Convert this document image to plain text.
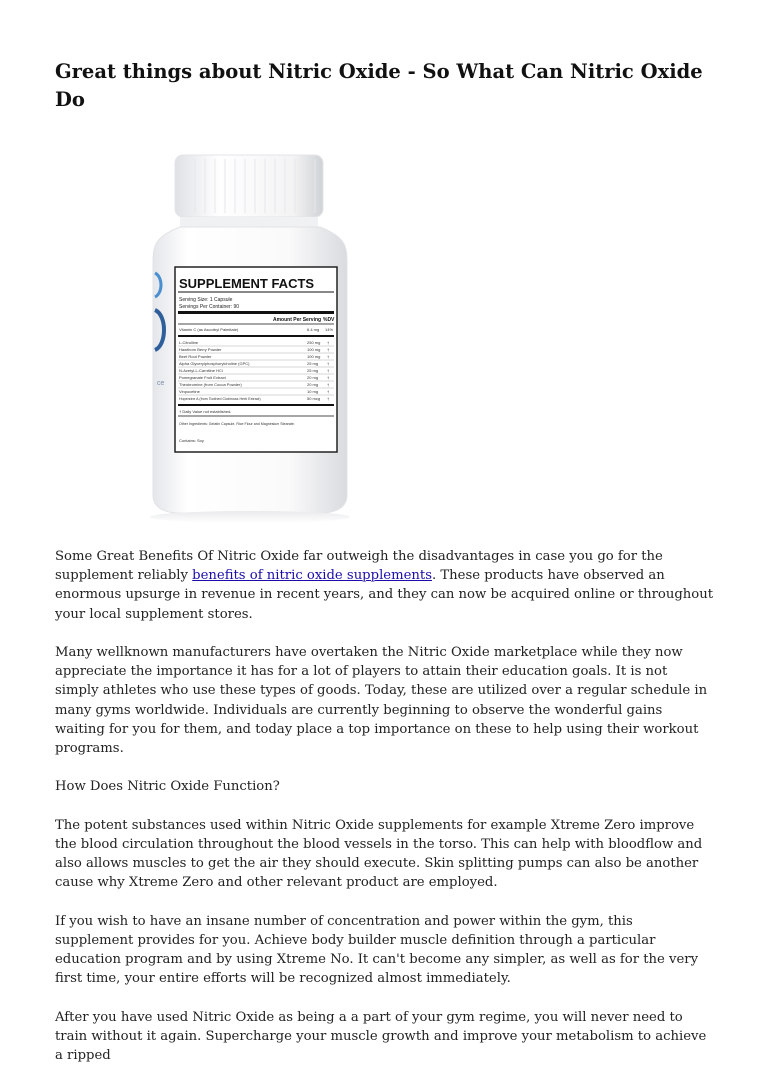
Great things about Nitric Oxide - So What Can Nitric Oxide Do
ce
SUPPLEMENT FACTS
Serving Size: 1 Capsule
Servings Per Container: 90
Amount Per Serving %DV
Vitamin C (as Ascorbyl Palmitate)	6.4 mg 14%
L-Citrulline	250 mg †
Hawthorn Berry Powder	100 mg †
Beet Root Powder	100 mg †
Alpha Glycerylphosphorylcholine (GPC)	25 mg †
N-Acetyl-L-Carnitine HCl	25 mg †
Pomegranate Fruit Extract	20 mg †
Theobromine (from Cocoa Powder)	20 mg †
Vinpocetine	10 mg †
Huperzine A (from Toothed Clubmoss Herb Extract)	50 mcg †
† Daily Value not established.
Other Ingredients: Gelatin Capsule, Rice Flour and Magnesium Stearate.
Contains: Soy

Some Great Benefits Of Nitric Oxide far outweigh the disadvantages in case you go for the supplement reliably benefits of nitric oxide supplements. These products have observed an enormous upsurge in revenue in recent years, and they can now be acquired online or throughout your local supplement stores.

Many wellknown manufacturers have overtaken the Nitric Oxide marketplace while they now appreciate the importance it has for a lot of players to attain their education goals. It is not simply athletes who use these types of goods. Today, these are utilized over a regular schedule in many gyms worldwide. Individuals are currently beginning to observe the wonderful gains waiting for you for them, and today place a top importance on these to help using their workout programs.

How Does Nitric Oxide Function?

The potent substances used within Nitric Oxide supplements for example Xtreme Zero improve the blood circulation throughout the blood vessels in the torso. This can help with bloodflow and also allows muscles to get the air they should execute. Skin splitting pumps can also be another cause why Xtreme Zero and other relevant product are employed.

If you wish to have an insane number of concentration and power within the gym, this supplement provides for you. Achieve body builder muscle definition through a particular education program and by using Xtreme No. It can't become any simpler, as well as for the very first time, your entire efforts will be recognized almost immediately.

After you have used Nitric Oxide as being a a part of your gym regime, you will never need to train without it again. Supercharge your muscle growth and improve your metabolism to achieve a ripped
